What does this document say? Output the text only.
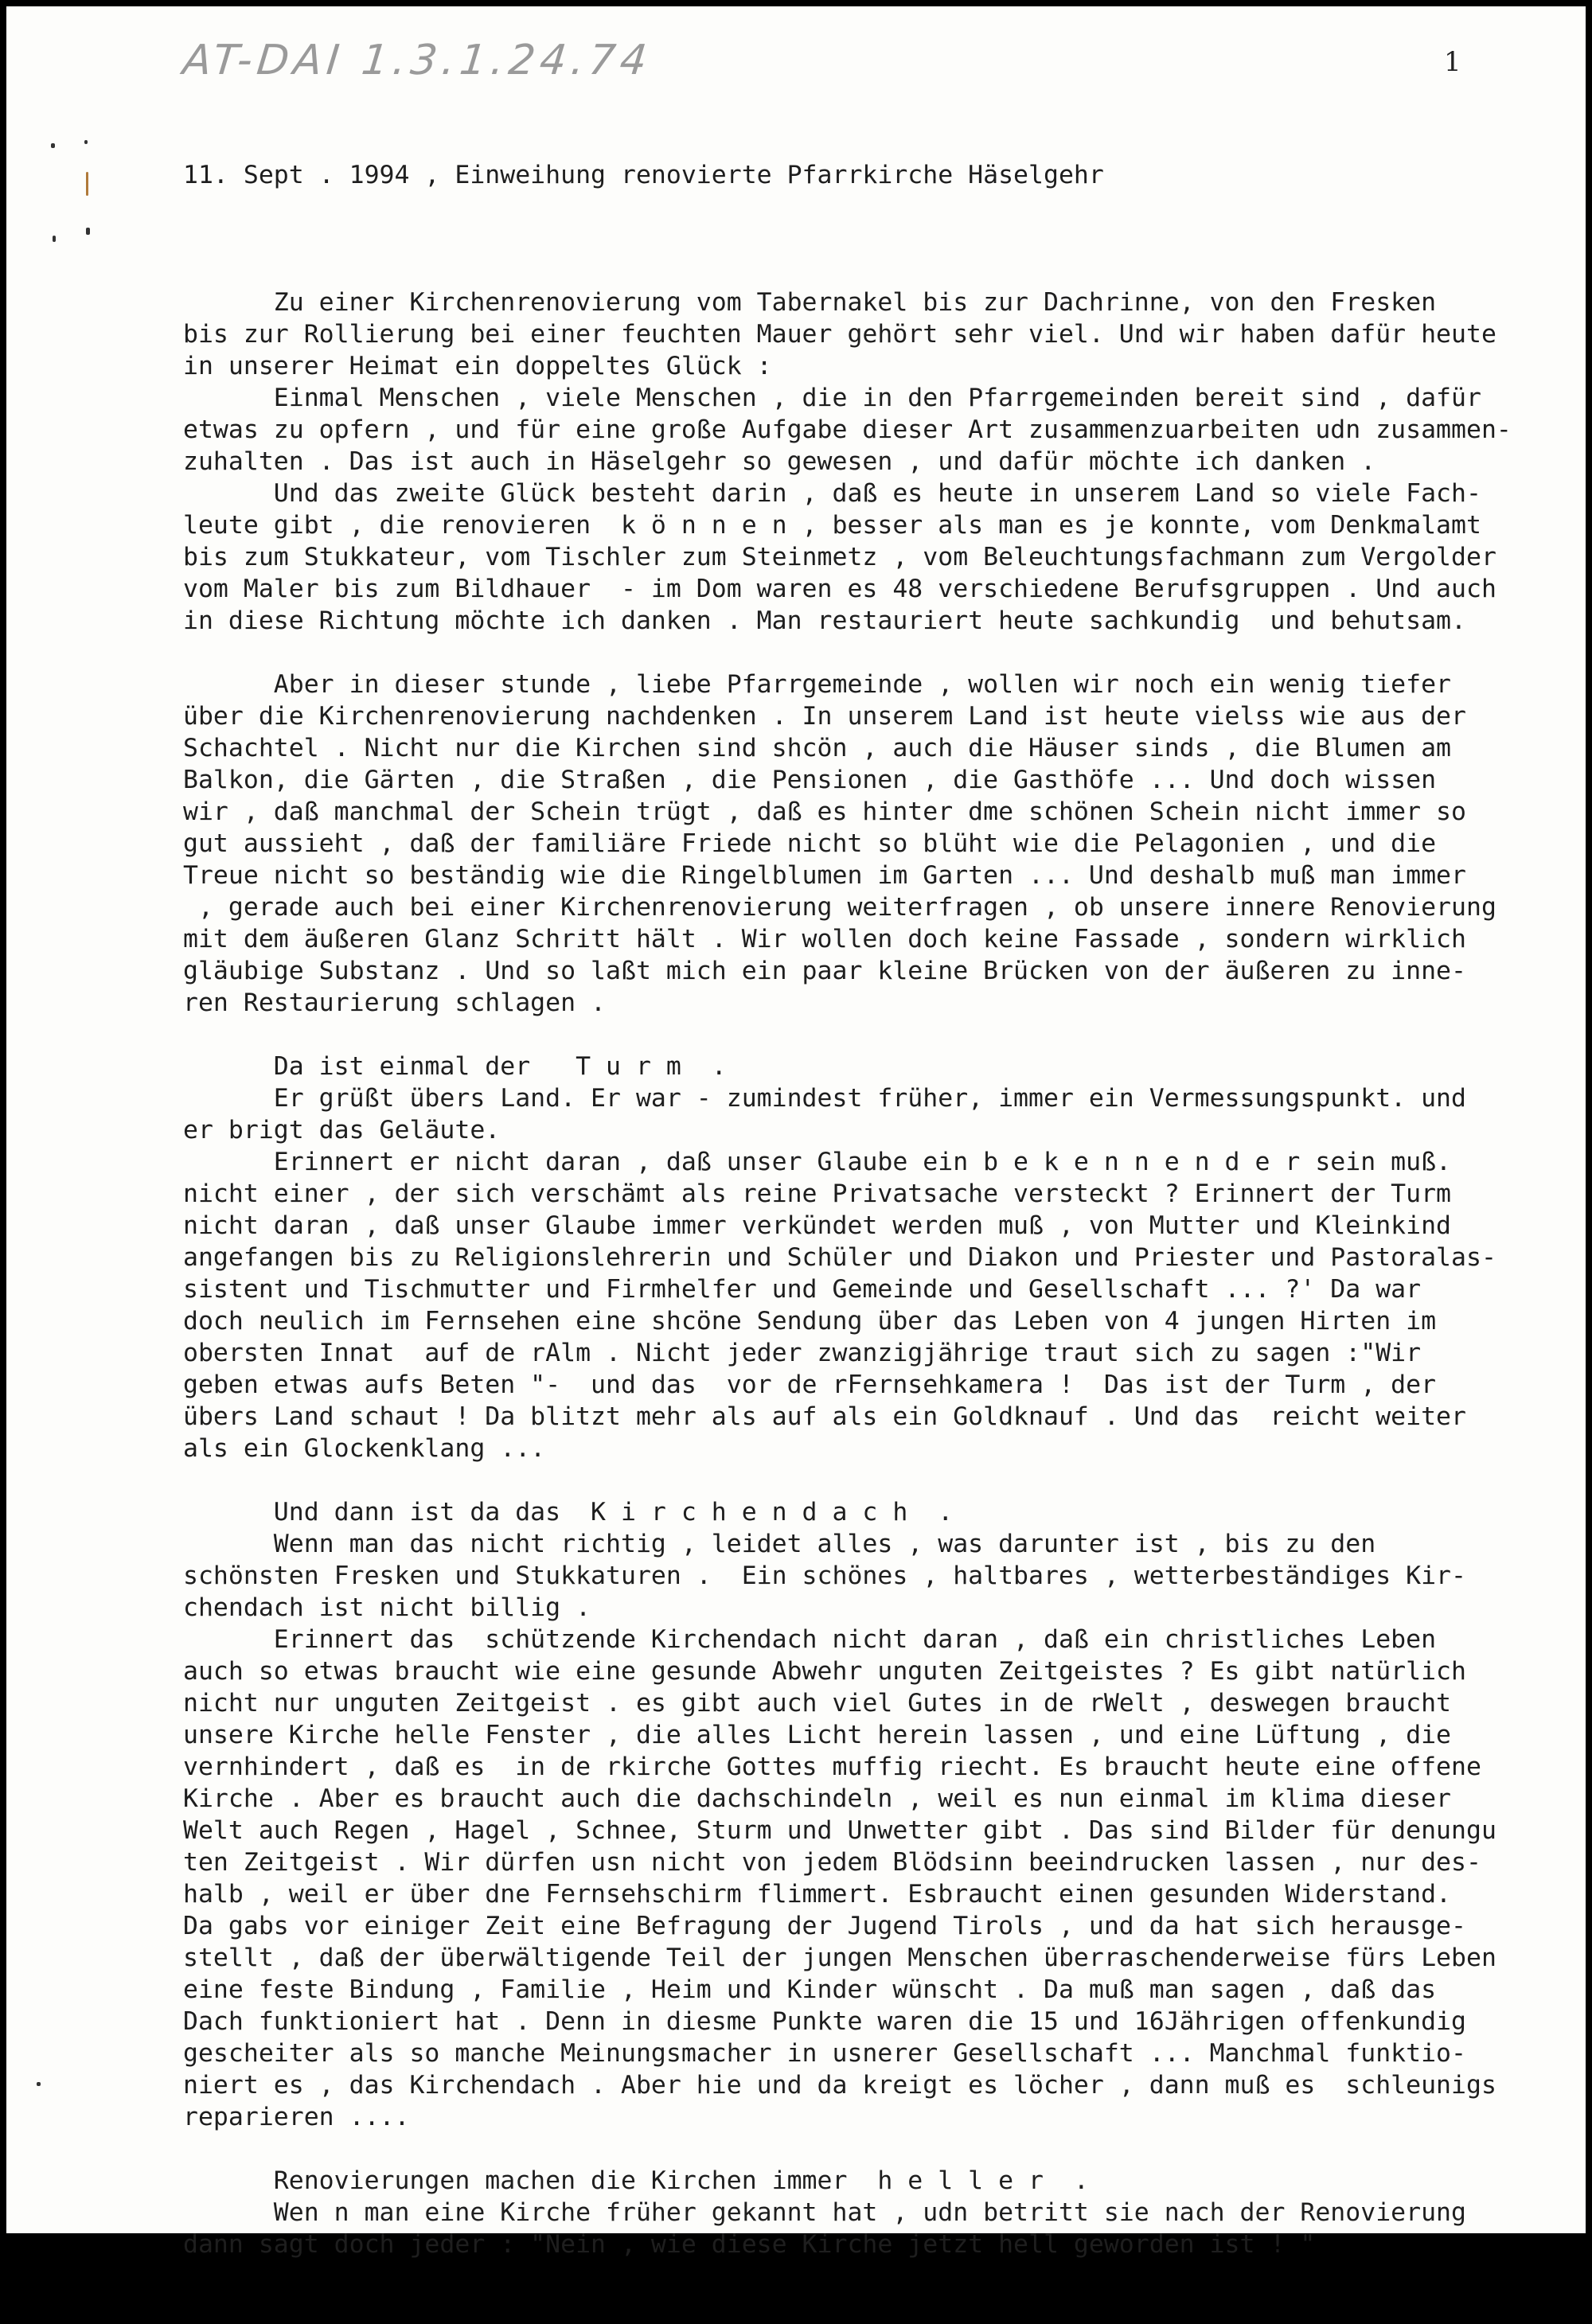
AT-DAI 1.3.1.24.74	1

11. Sept . 1994 , Einweihung renovierte Pfarrkirche Häselgehr

Zu einer Kirchenrenovierung vom Tabernakel bis zur Dachrinne, von den Fresken
bis zur Rollierung bei einer feuchten Mauer gehört sehr viel. Und wir haben dafür heute
in unserer Heimat ein doppeltes Glück :
Einmal Menschen , viele Menschen , die in den Pfarrgemeinden bereit sind , dafür
etwas zu opfern , und für eine große Aufgabe dieser Art zusammenzuarbeiten udn zusammen-
zuhalten . Das ist auch in Häselgehr so gewesen , und dafür möchte ich danken .
Und das zweite Glück besteht darin , daß es heute in unserem Land so viele Fach-
leute gibt , die renovieren  k ö n n e n , besser als man es je konnte, vom Denkmalamt
bis zum Stukkateur, vom Tischler zum Steinmetz , vom Beleuchtungsfachmann zum Vergolder
vom Maler bis zum Bildhauer  - im Dom waren es 48 verschiedene Berufsgruppen . Und auch
in diese Richtung möchte ich danken . Man restauriert heute sachkundig  und behutsam.
Aber in dieser stunde , liebe Pfarrgemeinde , wollen wir noch ein wenig tiefer
über die Kirchenrenovierung nachdenken . In unserem Land ist heute vielss wie aus der
Schachtel . Nicht nur die Kirchen sind shcön , auch die Häuser sinds , die Blumen am
Balkon, die Gärten , die Straßen , die Pensionen , die Gasthöfe ... Und doch wissen
wir , daß manchmal der Schein trügt , daß es hinter dme schönen Schein nicht immer so
gut aussieht , daß der familiäre Friede nicht so blüht wie die Pelagonien , und die
Treue nicht so beständig wie die Ringelblumen im Garten ... Und deshalb muß man immer
, gerade auch bei einer Kirchenrenovierung weiterfragen , ob unsere innere Renovierung
mit dem äußeren Glanz Schritt hält . Wir wollen doch keine Fassade , sondern wirklich
gläubige Substanz . Und so laßt mich ein paar kleine Brücken von der äußeren zu inne-
ren Restaurierung schlagen .
Da ist einmal der   T u r m  .
Er grüßt übers Land. Er war - zumindest früher, immer ein Vermessungspunkt. und
er brigt das Geläute.
Erinnert er nicht daran , daß unser Glaube ein b e k e n n e n d e r sein muß.
nicht einer , der sich verschämt als reine Privatsache versteckt ? Erinnert der Turm
nicht daran , daß unser Glaube immer verkündet werden muß , von Mutter und Kleinkind
angefangen bis zu Religionslehrerin und Schüler und Diakon und Priester und Pastoralas-
sistent und Tischmutter und Firmhelfer und Gemeinde und Gesellschaft ... ?' Da war
doch neulich im Fernsehen eine shcöne Sendung über das Leben von 4 jungen Hirten im
obersten Innat  auf de rAlm . Nicht jeder zwanzigjährige traut sich zu sagen :"Wir
geben etwas aufs Beten "-  und das  vor de rFernsehkamera !  Das ist der Turm , der
übers Land schaut ! Da blitzt mehr als auf als ein Goldknauf . Und das  reicht weiter
als ein Glockenklang ...
Und dann ist da das  K i r c h e n d a c h  .
Wenn man das nicht richtig , leidet alles , was darunter ist , bis zu den
schönsten Fresken und Stukkaturen .  Ein schönes , haltbares , wetterbeständiges Kir-
chendach ist nicht billig .
Erinnert das  schützende Kirchendach nicht daran , daß ein christliches Leben
auch so etwas braucht wie eine gesunde Abwehr unguten Zeitgeistes ? Es gibt natürlich
nicht nur unguten Zeitgeist . es gibt auch viel Gutes in de rWelt , deswegen braucht
unsere Kirche helle Fenster , die alles Licht herein lassen , und eine Lüftung , die
vernhindert , daß es  in de rkirche Gottes muffig riecht. Es braucht heute eine offene
Kirche . Aber es braucht auch die dachschindeln , weil es nun einmal im klima dieser
Welt auch Regen , Hagel , Schnee, Sturm und Unwetter gibt . Das sind Bilder für denungu
ten Zeitgeist . Wir dürfen usn nicht von jedem Blödsinn beeindrucken lassen , nur des-
halb , weil er über dne Fernsehschirm flimmert. Esbraucht einen gesunden Widerstand.
Da gabs vor einiger Zeit eine Befragung der Jugend Tirols , und da hat sich herausge-
stellt , daß der überwältigende Teil der jungen Menschen überraschenderweise fürs Leben
eine feste Bindung , Familie , Heim und Kinder wünscht . Da muß man sagen , daß das
Dach funktioniert hat . Denn in diesme Punkte waren die 15 und 16Jährigen offenkundig
gescheiter als so manche Meinungsmacher in usnerer Gesellschaft ... Manchmal funktio-
niert es , das Kirchendach . Aber hie und da kreigt es löcher , dann muß es  schleunigs
reparieren ....
Renovierungen machen die Kirchen immer  h e l l e r  .
Wen n man eine Kirche früher gekannt hat , udn betritt sie nach der Renovierung
dann sagt doch jeder : "Nein , wie diese Kirche jetzt hell geworden ist ! "
